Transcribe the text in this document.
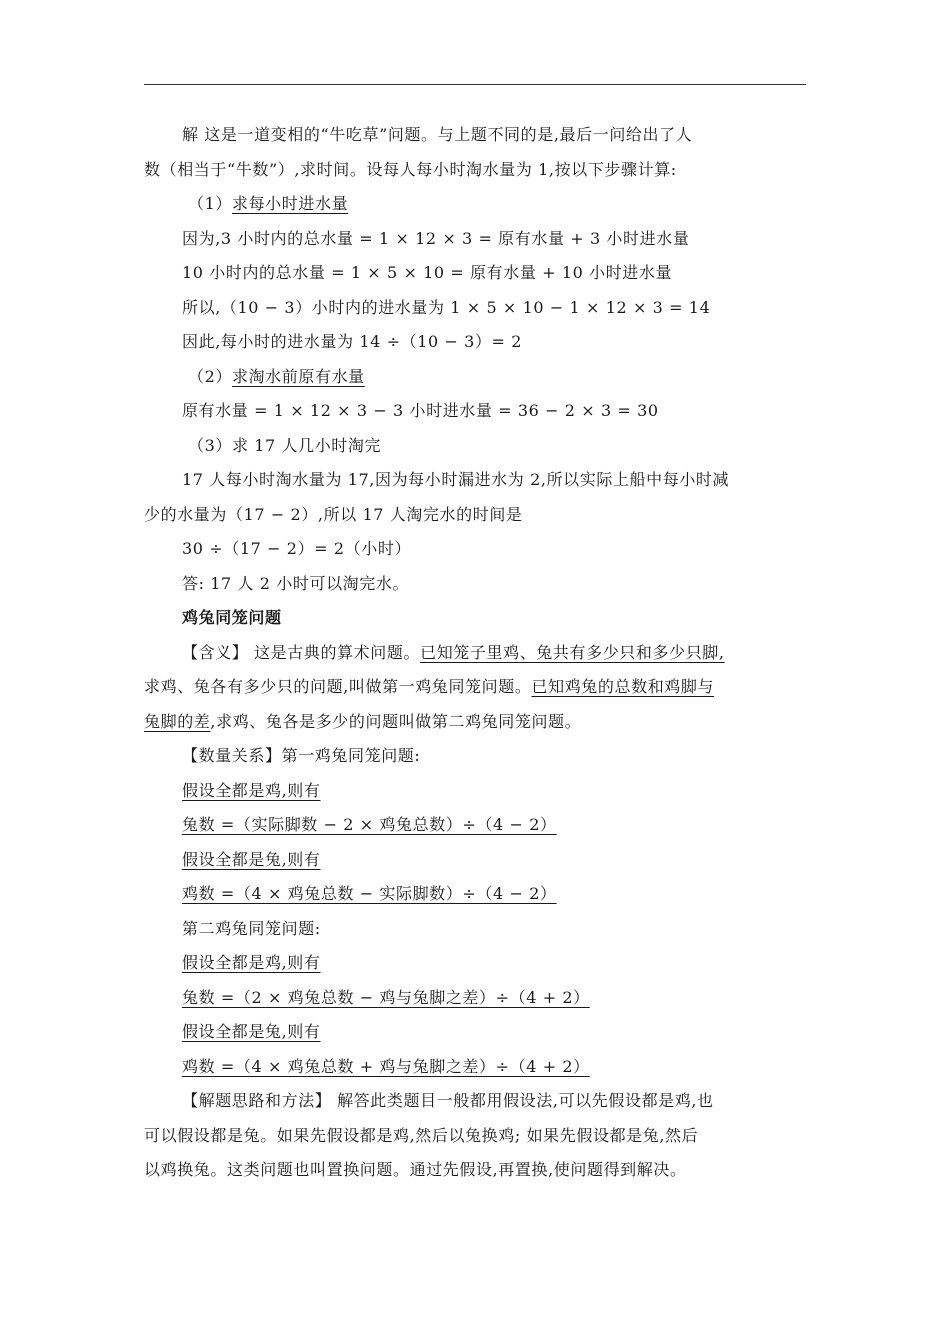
解 这是一道变相的“牛吃草”问题。与上题不同的是,最后一问给出了人
数（相当于“牛数”）,求时间。设每人每小时淘水量为 1,按以下步骤计算:
（1）求每小时进水量
因为,3 小时内的总水量 = 1 × 12 × 3 = 原有水量 + 3 小时进水量
10 小时内的总水量 = 1 × 5 × 10 = 原有水量 + 10 小时进水量
所以,（10 − 3）小时内的进水量为 1 × 5 × 10 − 1 × 12 × 3 = 14
因此,每小时的进水量为 14 ÷（10 − 3）= 2
（2）求淘水前原有水量
原有水量 = 1 × 12 × 3 − 3 小时进水量 = 36 − 2 × 3 = 30
（3）求 17 人几小时淘完
17 人每小时淘水量为 17,因为每小时漏进水为 2,所以实际上船中每小时减
少的水量为（17 − 2）,所以 17 人淘完水的时间是
30 ÷（17 − 2）= 2（小时）
答: 17 人 2 小时可以淘完水。
鸡兔同笼问题
【含义】 这是古典的算术问题。已知笼子里鸡、兔共有多少只和多少只脚,
求鸡、兔各有多少只的问题,叫做第一鸡兔同笼问题。已知鸡兔的总数和鸡脚与
兔脚的差,求鸡、兔各是多少的问题叫做第二鸡兔同笼问题。
【数量关系】第一鸡兔同笼问题:
假设全都是鸡,则有
兔数 =（实际脚数 − 2 × 鸡兔总数）÷（4 − 2）
假设全都是兔,则有
鸡数 =（4 × 鸡兔总数 − 实际脚数）÷（4 − 2）
第二鸡兔同笼问题:
假设全都是鸡,则有
兔数 =（2 × 鸡兔总数 − 鸡与兔脚之差）÷（4 + 2）
假设全都是兔,则有
鸡数 =（4 × 鸡兔总数 + 鸡与兔脚之差）÷（4 + 2）
【解题思路和方法】 解答此类题目一般都用假设法,可以先假设都是鸡,也
可以假设都是兔。如果先假设都是鸡,然后以兔换鸡; 如果先假设都是兔,然后
以鸡换兔。这类问题也叫置换问题。通过先假设,再置换,使问题得到解决。
